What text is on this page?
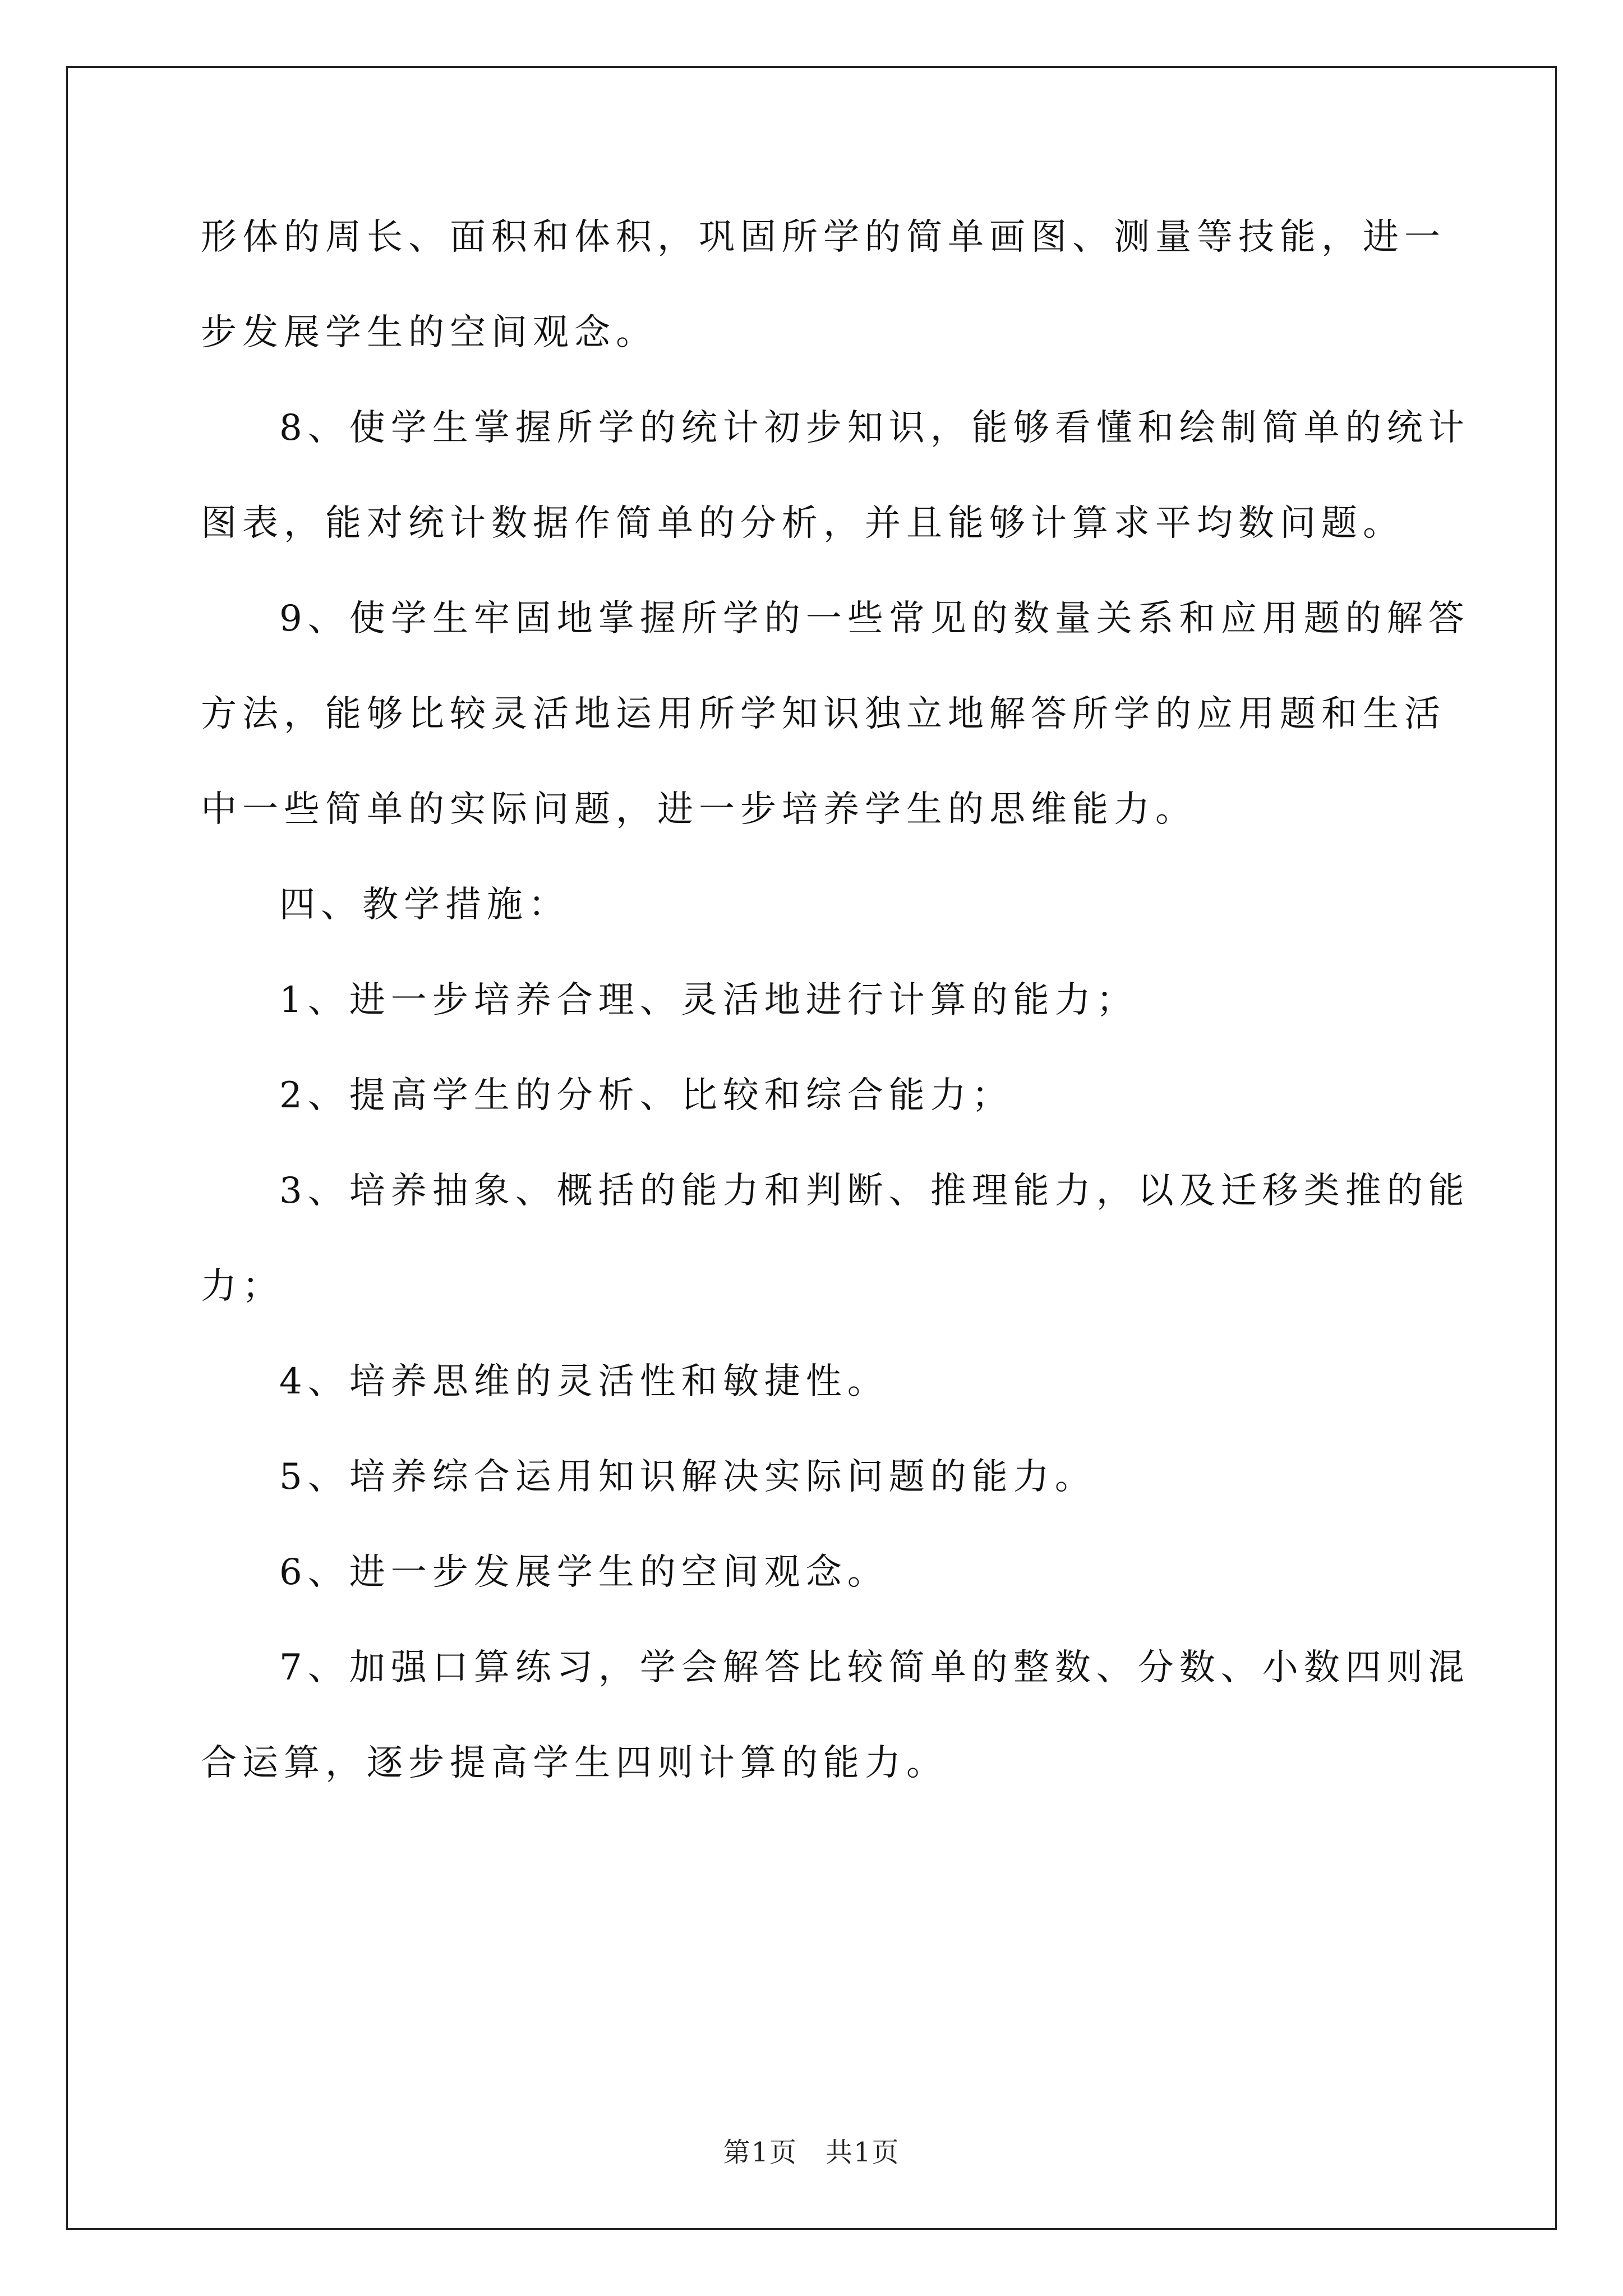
形体的周长、面积和体积，巩固所学的简单画图、测量等技能，进一
步发展学生的空间观念。
8、使学生掌握所学的统计初步知识，能够看懂和绘制简单的统计
图表，能对统计数据作简单的分析，并且能够计算求平均数问题。
9、使学生牢固地掌握所学的一些常见的数量关系和应用题的解答
方法，能够比较灵活地运用所学知识独立地解答所学的应用题和生活
中一些简单的实际问题，进一步培养学生的思维能力。
四、教学措施：
1、进一步培养合理、灵活地进行计算的能力；
2、提高学生的分析、比较和综合能力；
3、培养抽象、概括的能力和判断、推理能力，以及迁移类推的能
力；
4、培养思维的灵活性和敏捷性。
5、培养综合运用知识解决实际问题的能力。
6、进一步发展学生的空间观念。
7、加强口算练习，学会解答比较简单的整数、分数、小数四则混
合运算，逐步提高学生四则计算的能力。
第1页　共1页
